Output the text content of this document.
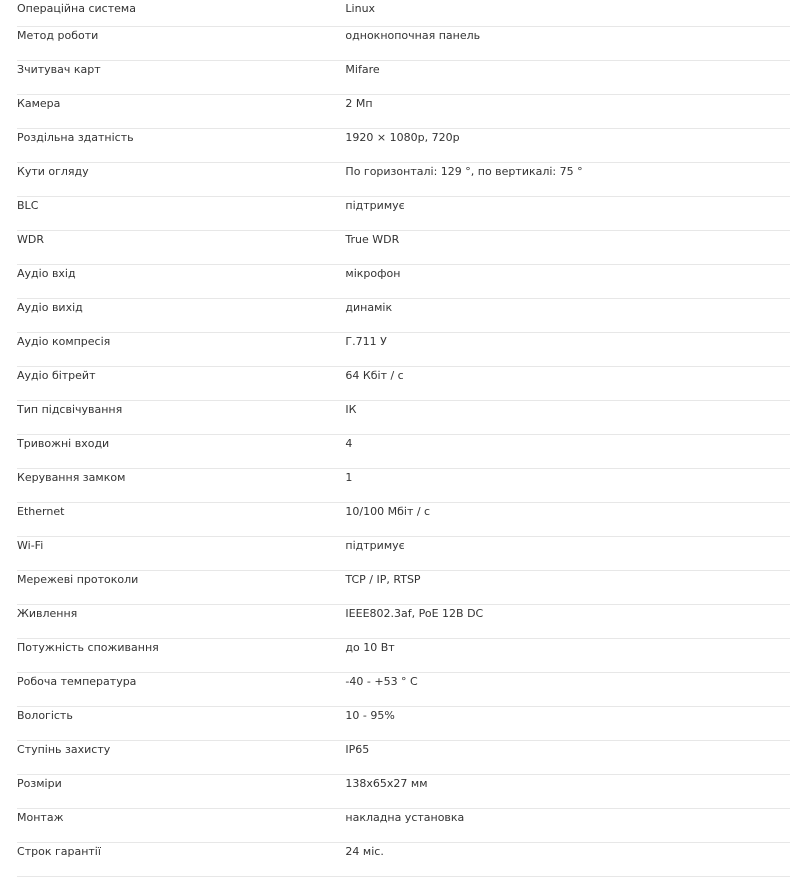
	Операційна система	Linux
	Метод роботи	однокнопочная панель
	Зчитувач карт	Mifare
	Камера	2 Мп
	Роздільна здатність	1920 × 1080p, 720p
	Кути огляду	По горизонталі: 129 °, по вертикалі: 75 °
	BLC	підтримує
	WDR	True WDR
	Аудіо вхід	мікрофон
	Аудіо вихід	динамік
	Аудіо компресія	Г.711 У
	Аудіо бітрейт	64 Кбіт / с
	Тип підсвічування	ІК
	Тривожні входи	4
	Керування замком	1
	Ethernet	10/100 Мбіт / с
	Wi-Fi	підтримує
	Мережеві протоколи	TCP / IP, RTSP
	Живлення	IEEE802.3af, PoE 12В DC
	Потужність споживання	до 10 Вт
	Робоча температура	-40 - +53 ° С
	Вологість	10 - 95%
	Ступінь захисту	IP65
	Розміри	138х65х27 мм
	Монтаж	накладна установка
	Строк гарантії	24 міс.
